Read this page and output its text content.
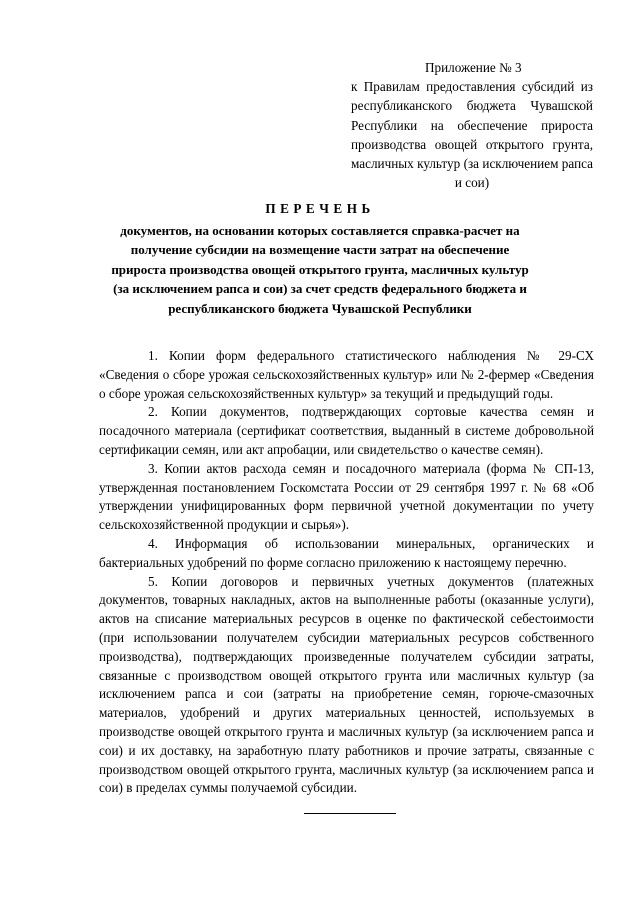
Приложение № 3
к Правилам предоставления субсидий из республиканского бюджета Чувашской Республики на обеспечение прироста производства овощей открытого грунта, масличных культур (за исключением рапса и сои)
ПЕРЕЧЕНЬ
документов, на основании которых составляется справка-расчет на получение субсидии на возмещение части затрат на обеспечение прироста производства овощей открытого грунта, масличных культур (за исключением рапса и сои) за счет средств федерального бюджета и республиканского бюджета Чувашской Республики

1. Копии форм федерального статистического наблюдения № 29-СХ «Сведения о сборе урожая сельскохозяйственных культур» или № 2-фермер «Сведения о сборе урожая сельскохозяйственных культур» за текущий и предыдущий годы.

2. Копии документов, подтверждающих сортовые качества семян и посадочного материала (сертификат соответствия, выданный в системе добровольной сертификации семян, или акт апробации, или свидетельство о качестве семян).

3. Копии актов расхода семян и посадочного материала (форма № СП-13, утвержденная постановлением Госкомстата России от 29 сентября 1997 г. № 68 «Об утверждении унифицированных форм первичной учетной документации по учету сельскохозяйственной продукции и сырья»).

4. Информация об использовании минеральных, органических и бактериальных удобрений по форме согласно приложению к настоящему перечню.

5. Копии договоров и первичных учетных документов (платежных документов, товарных накладных, актов на выполненные работы (оказанные услуги), актов на списание материальных ресурсов в оценке по фактической себестоимости (при использовании получателем субсидии материальных ресурсов собственного производства), подтверждающих произведенные получателем субсидии затраты, связанные с производством овощей открытого грунта или масличных культур (за исключением рапса и сои (затраты на приобретение семян, горюче-смазочных материалов, удобрений и других материальных ценностей, используемых в производстве овощей открытого грунта и масличных культур (за исключением рапса и сои) и их доставку, на заработную плату работников и прочие затраты, связанные с производством овощей открытого грунта, масличных культур (за исключением рапса и сои) в пределах суммы получаемой субсидии.
